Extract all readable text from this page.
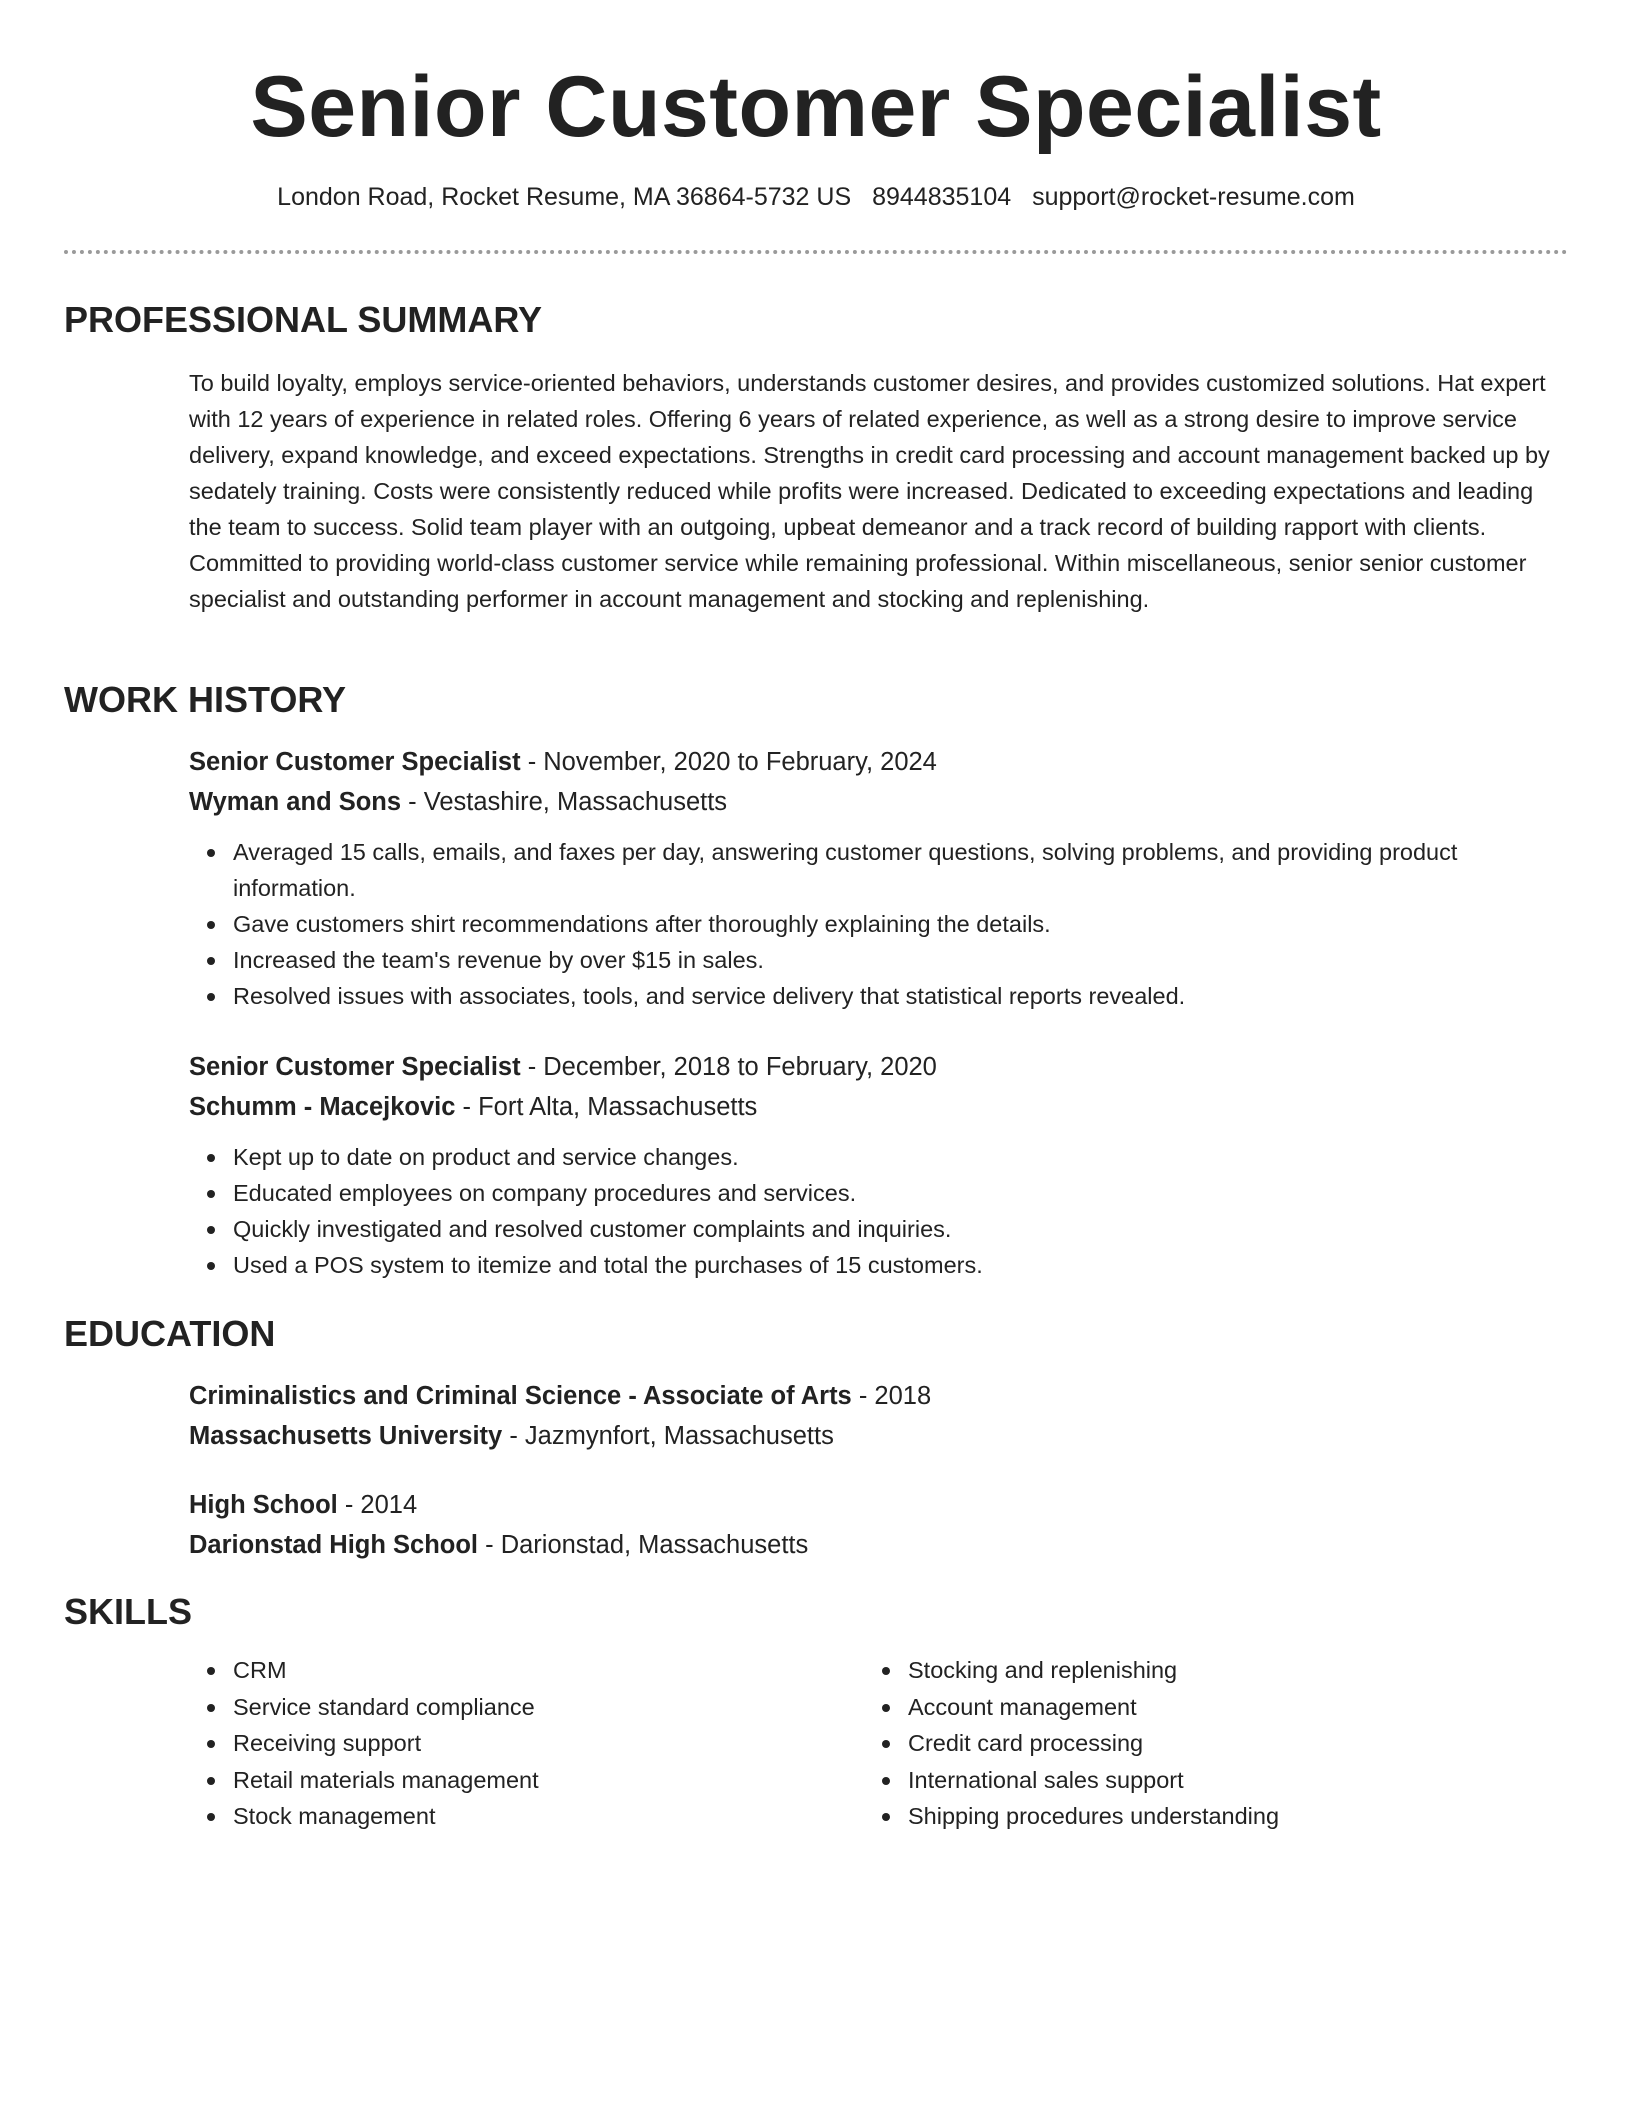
Senior Customer Specialist
London Road, Rocket Resume, MA 36864-5732 US 8944835104 support@rocket-resume.com
PROFESSIONAL SUMMARY

To build loyalty, employs service-oriented behaviors, understands customer desires, and provides customized solutions. Hat expert with 12 years of experience in related roles. Offering 6 years of related experience, as well as a strong desire to improve service delivery, expand knowledge, and exceed expectations. Strengths in credit card processing and account management backed up by sedately training. Costs were consistently reduced while profits were increased. Dedicated to exceeding expectations and leading the team to success. Solid team player with an outgoing, upbeat demeanor and a track record of building rapport with clients. Committed to providing world-class customer service while remaining professional. Within miscellaneous, senior senior customer specialist and outstanding performer in account management and stocking and replenishing.

WORK HISTORY
Senior Customer Specialist - November, 2020 to February, 2024
Wyman and Sons - Vestashire, Massachusetts
Averaged 15 calls, emails, and faxes per day, answering customer questions, solving problems, and providing product information.
Gave customers shirt recommendations after thoroughly explaining the details.
Increased the team's revenue by over $15 in sales.
Resolved issues with associates, tools, and service delivery that statistical reports revealed.
Senior Customer Specialist - December, 2018 to February, 2020
Schumm - Macejkovic - Fort Alta, Massachusetts
Kept up to date on product and service changes.
Educated employees on company procedures and services.
Quickly investigated and resolved customer complaints and inquiries.
Used a POS system to itemize and total the purchases of 15 customers.
EDUCATION
Criminalistics and Criminal Science - Associate of Arts - 2018
Massachusetts University - Jazmynfort, Massachusetts
High School - 2014
Darionstad High School - Darionstad, Massachusetts
SKILLS
CRM
Service standard compliance
Receiving support
Retail materials management
Stock management
Stocking and replenishing
Account management
Credit card processing
International sales support
Shipping procedures understanding
